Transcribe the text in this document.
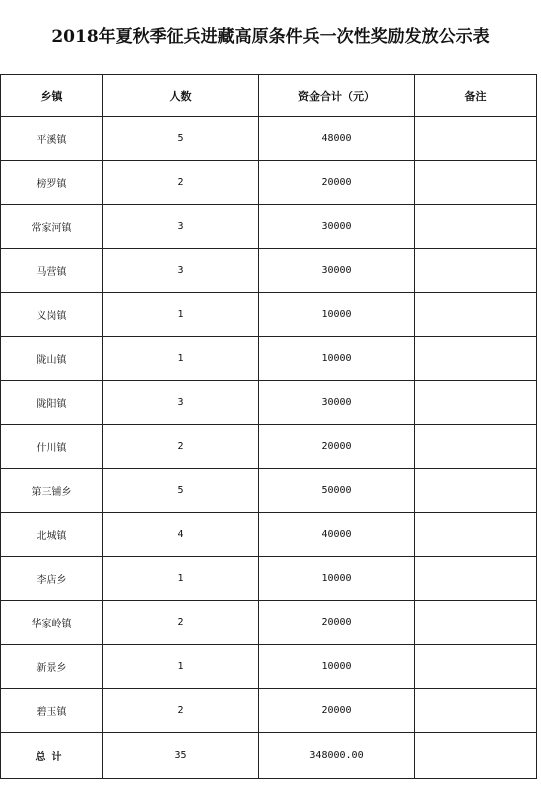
2018年夏秋季征兵进藏高原条件兵一次性奖励发放公示表
乡镇	人数	资金合计（元）	备注
平溪镇	5	48000	
榜罗镇	2	20000	
常家河镇	3	30000	
马营镇	3	30000	
义岗镇	1	10000	
陇山镇	1	10000	
陇阳镇	3	30000	
什川镇	2	20000	
第三铺乡	5	50000	
北城镇	4	40000	
李店乡	1	10000	
华家岭镇	2	20000	
新景乡	1	10000	
碧玉镇	2	20000	
总计	35	348000.00	
